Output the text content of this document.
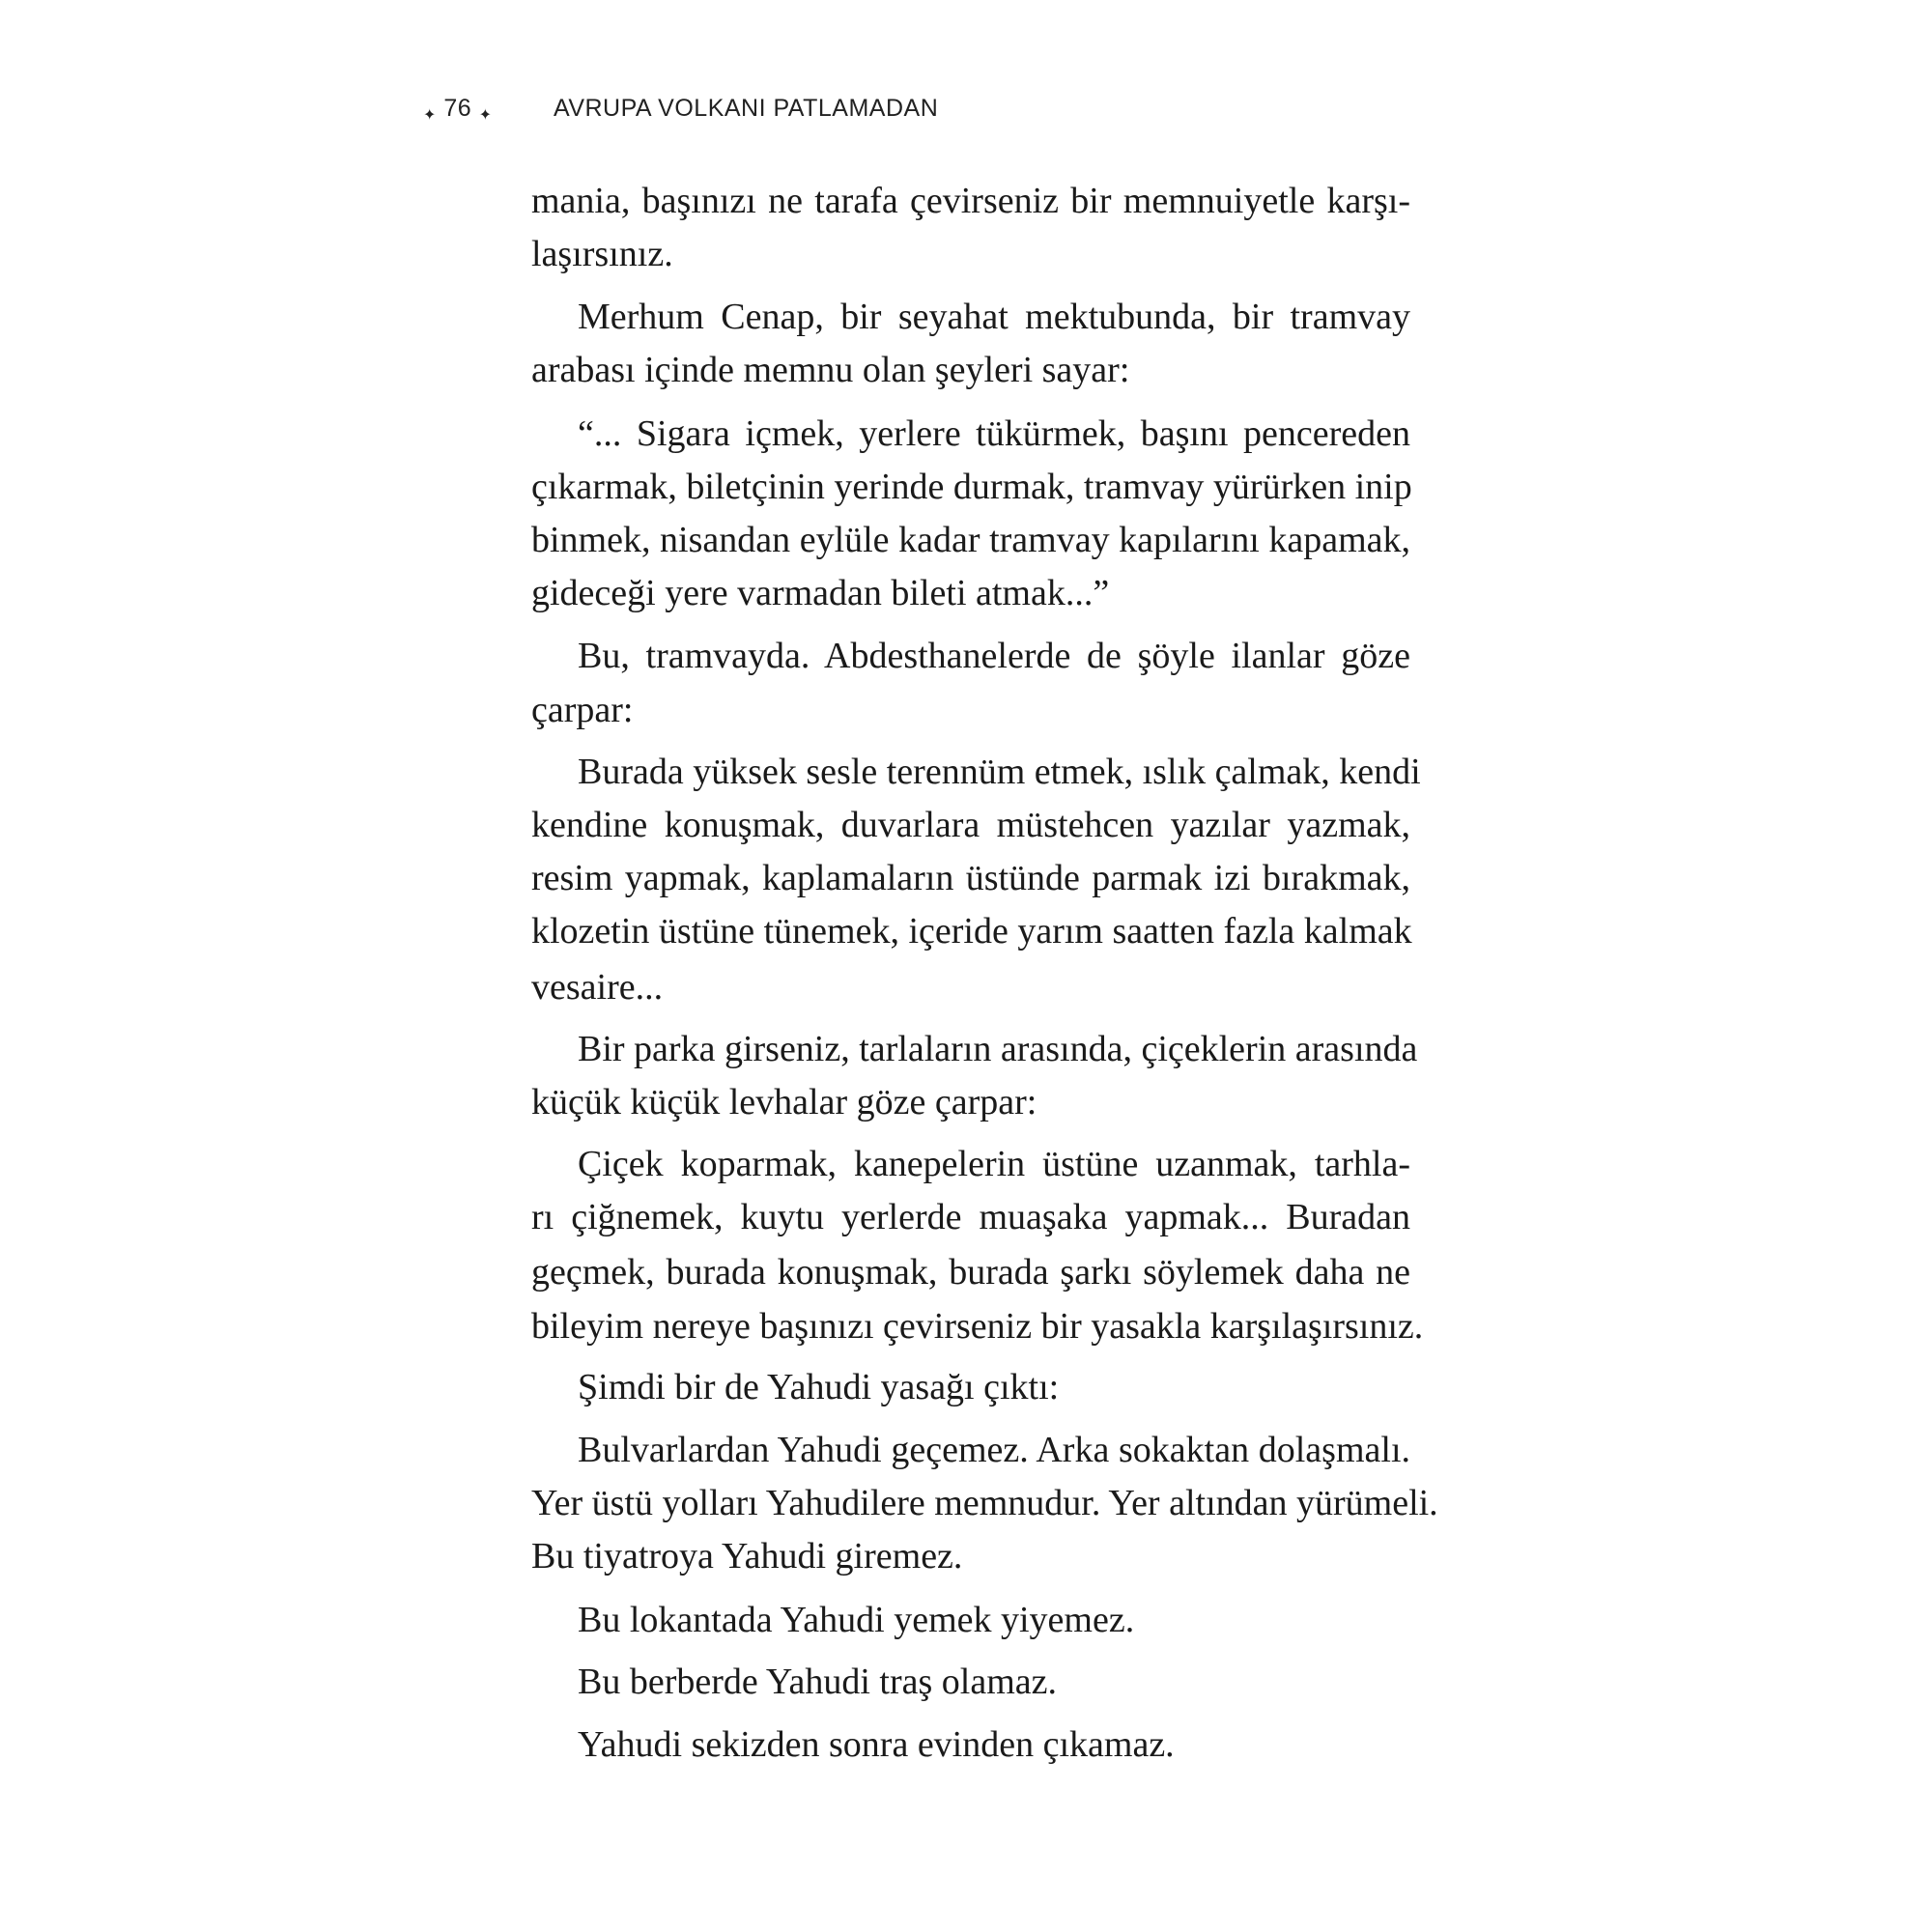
✦ 76 ✦	AVRUPA VOLKANI PATLAMADAN
mania, başınızı ne tarafa çevirseniz bir memnuiyetle karşı-
laşırsınız.
Merhum Cenap, bir seyahat mektubunda, bir tramvay
arabası içinde memnu olan şeyleri sayar:
“... Sigara içmek, yerlere tükürmek, başını pencereden
çıkarmak, biletçinin yerinde durmak, tramvay yürürken inip
binmek, nisandan eylüle kadar tramvay kapılarını kapamak,
gideceği yere varmadan bileti atmak...”
Bu, tramvayda. Abdesthanelerde de şöyle ilanlar göze
çarpar:
Burada yüksek sesle terennüm etmek, ıslık çalmak, kendi
kendine konuşmak, duvarlara müstehcen yazılar yazmak,
resim yapmak, kaplamaların üstünde parmak izi bırakmak,
klozetin üstüne tünemek, içeride yarım saatten fazla kalmak
vesaire...
Bir parka girseniz, tarlaların arasında, çiçeklerin arasında
küçük küçük levhalar göze çarpar:
Çiçek koparmak, kanepelerin üstüne uzanmak, tarhla-
rı çiğnemek, kuytu yerlerde muaşaka yapmak... Buradan
geçmek, burada konuşmak, burada şarkı söylemek daha ne
bileyim nereye başınızı çevirseniz bir yasakla karşılaşırsınız.
Şimdi bir de Yahudi yasağı çıktı:
Bulvarlardan Yahudi geçemez. Arka sokaktan dolaşmalı.
Yer üstü yolları Yahudilere memnudur. Yer altından yürümeli.
Bu tiyatroya Yahudi giremez.
Bu lokantada Yahudi yemek yiyemez.
Bu berberde Yahudi traş olamaz.
Yahudi sekizden sonra evinden çıkamaz.
